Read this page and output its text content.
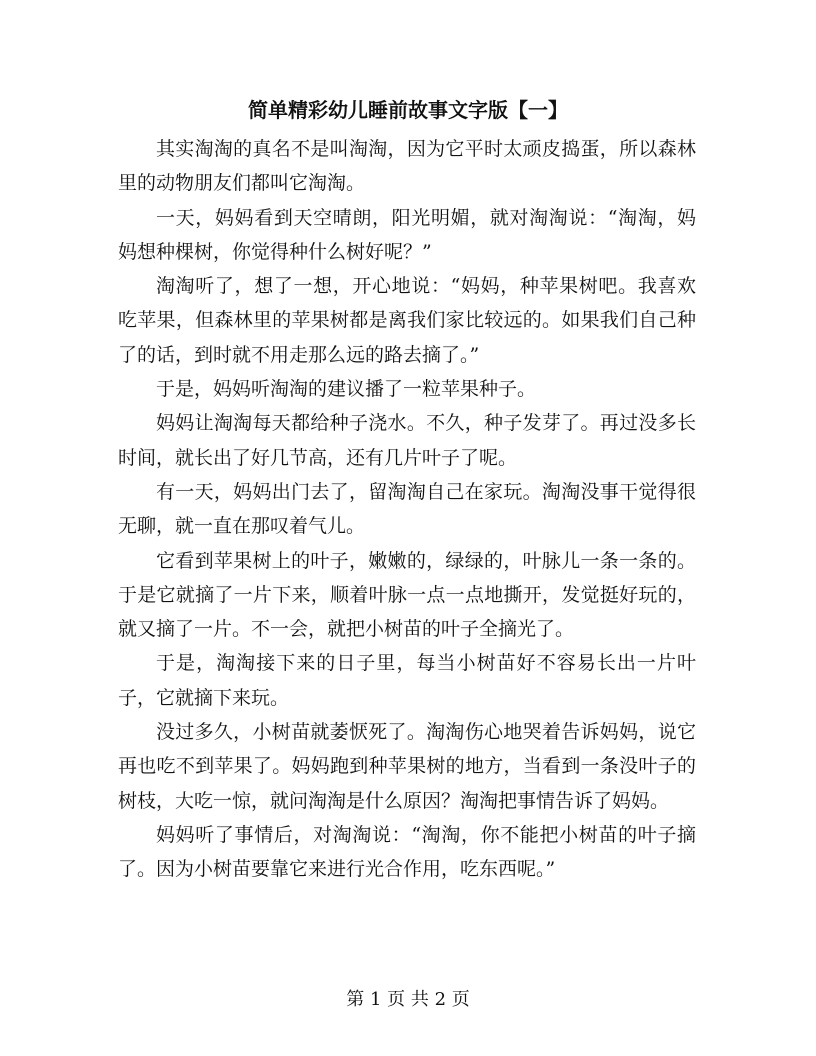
简单精彩幼儿睡前故事文字版【一】

其实淘淘的真名不是叫淘淘，因为它平时太顽皮捣蛋，所以森林里的动物朋友们都叫它淘淘。

一天，妈妈看到天空晴朗，阳光明媚，就对淘淘说：“淘淘，妈妈想种棵树，你觉得种什么树好呢？”

淘淘听了，想了一想，开心地说：“妈妈，种苹果树吧。我喜欢吃苹果，但森林里的苹果树都是离我们家比较远的。如果我们自己种了的话，到时就不用走那么远的路去摘了。”

于是，妈妈听淘淘的建议播了一粒苹果种子。

妈妈让淘淘每天都给种子浇水。不久，种子发芽了。再过没多长时间，就长出了好几节高，还有几片叶子了呢。

有一天，妈妈出门去了，留淘淘自己在家玩。淘淘没事干觉得很无聊，就一直在那叹着气儿。

它看到苹果树上的叶子，嫩嫩的，绿绿的，叶脉儿一条一条的。于是它就摘了一片下来，顺着叶脉一点一点地撕开，发觉挺好玩的，就又摘了一片。不一会，就把小树苗的叶子全摘光了。

于是，淘淘接下来的日子里，每当小树苗好不容易长出一片叶子，它就摘下来玩。

没过多久，小树苗就萎恹死了。淘淘伤心地哭着告诉妈妈，说它再也吃不到苹果了。妈妈跑到种苹果树的地方，当看到一条没叶子的树枝，大吃一惊，就问淘淘是什么原因？淘淘把事情告诉了妈妈。

妈妈听了事情后，对淘淘说：“淘淘，你不能把小树苗的叶子摘了。因为小树苗要靠它来进行光合作用，吃东西呢。”

第 1 页 共 2 页
